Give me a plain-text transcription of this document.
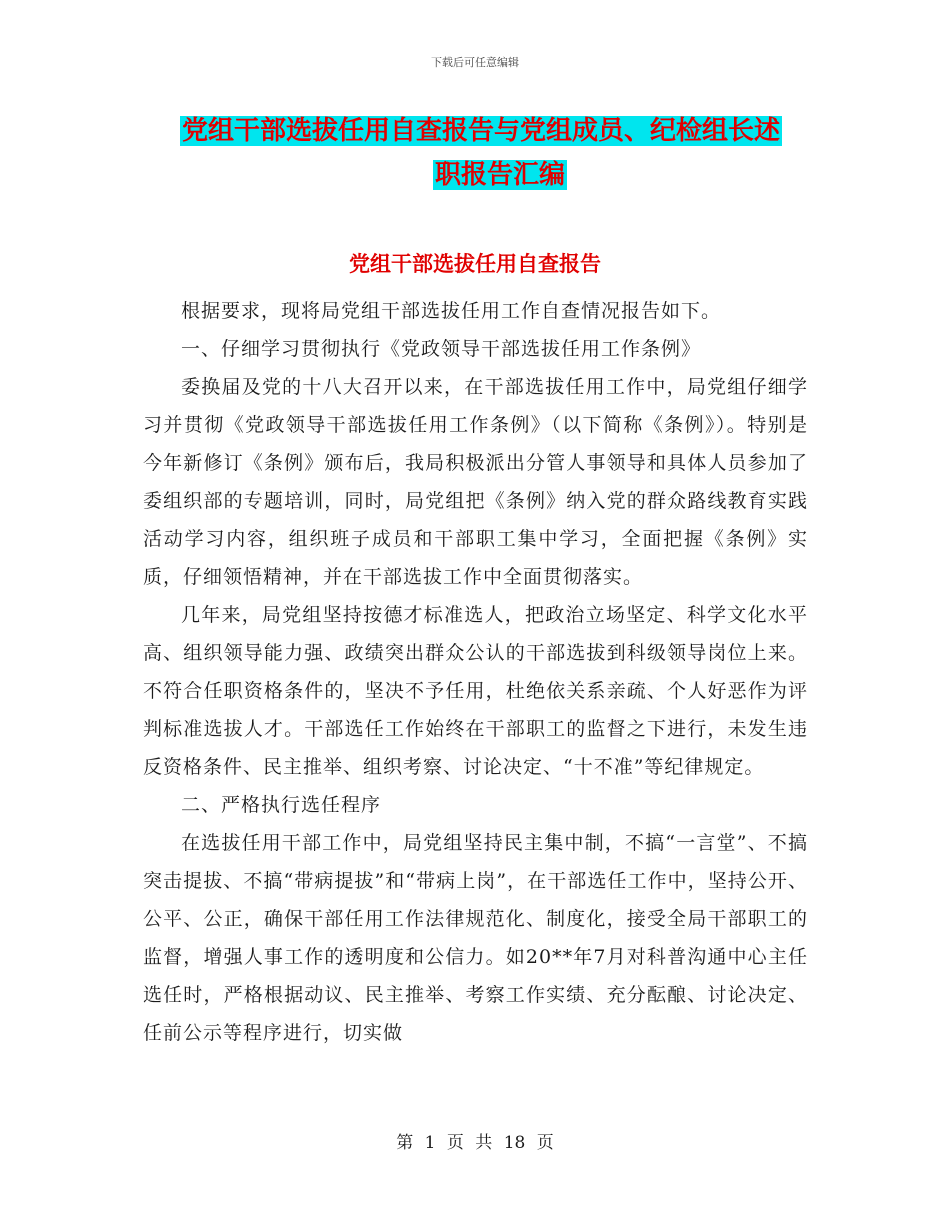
下载后可任意编辑
党组干部选拔任用自查报告与党组成员、纪检组长述
职报告汇编
党组干部选拔任用自查报告

根据要求，现将局党组干部选拔任用工作自查情况报告如下。

一、仔细学习贯彻执行《党政领导干部选拔任用工作条例》

委换届及党的十八大召开以来，在干部选拔任用工作中，局党组仔细学习并贯彻《党政领导干部选拔任用工作条例》（以下简称《条例》）。特别是今年新修订《条例》颁布后，我局积极派出分管人事领导和具体人员参加了委组织部的专题培训，同时，局党组把《条例》纳入党的群众路线教育实践活动学习内容，组织班子成员和干部职工集中学习，全面把握《条例》实质，仔细领悟精神，并在干部选拔工作中全面贯彻落实。

几年来，局党组坚持按德才标准选人，把政治立场坚定、科学文化水平高、组织领导能力强、政绩突出群众公认的干部选拔到科级领导岗位上来。不符合任职资格条件的，坚决不予任用，杜绝依关系亲疏、个人好恶作为评判标准选拔人才。干部选任工作始终在干部职工的监督之下进行，未发生违反资格条件、民主推举、组织考察、讨论决定、“十不准”等纪律规定。

二、严格执行选任程序

在选拔任用干部工作中，局党组坚持民主集中制，不搞“一言堂”、不搞突击提拔、不搞“带病提拔”和“带病上岗”，在干部选任工作中，坚持公开、公平、公正，确保干部任用工作法律规范化、制度化，接受全局干部职工的监督，增强人事工作的透明度和公信力。如20**年7月对科普沟通中心主任选任时，严格根据动议、民主推举、考察工作实绩、充分酝酿、讨论决定、任前公示等程序进行，切实做

第 1 页 共 18 页
